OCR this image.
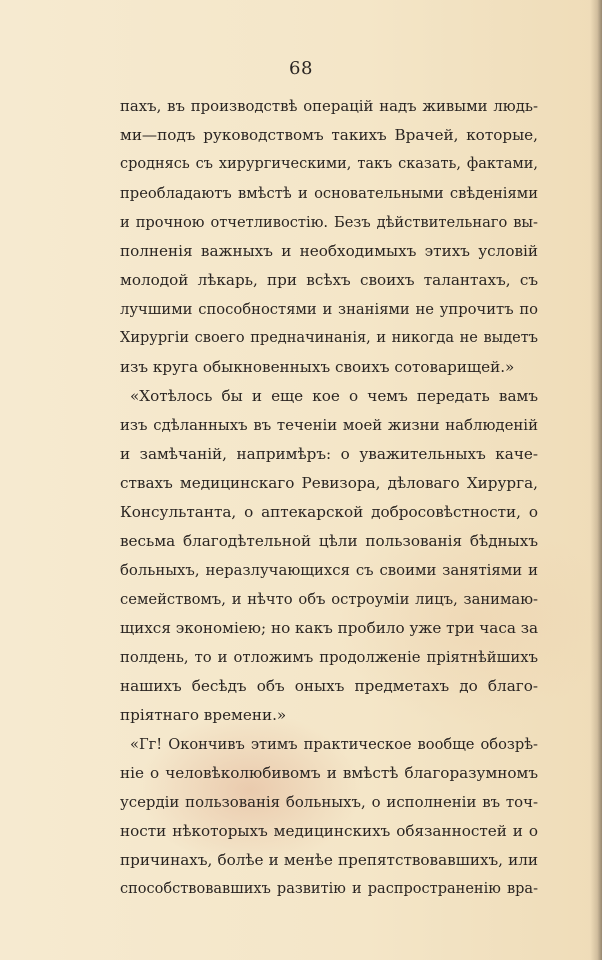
68
пахъ, въ производствѣ операцій надъ живыми людь-
ми—подъ руководствомъ такихъ Врачей, которые,
сроднясь съ хирургическими, такъ сказать, фактами,
преобладаютъ вмѣстѣ и основательными свѣденіями
и прочною отчетливостію. Безъ дѣйствительнаго вы-
полненія важныхъ и необходимыхъ этихъ условій
молодой лѣкарь, при всѣхъ своихъ талантахъ, съ
лучшими способностями и знаніями не упрочитъ по
Хирургіи своего предначинанія, и никогда не выдетъ
изъ круга обыкновенныхъ своихъ сотоварищей.»
«Хотѣлось бы и еще кое о чемъ передать вамъ
изъ сдѣланныхъ въ теченіи моей жизни наблюденій
и замѣчаній, напримѣръ: о уважительныхъ каче-
ствахъ медицинскаго Ревизора, дѣловаго Хирурга,
Консультанта, о аптекарской добросовѣстности, о
весьма благодѣтельной цѣли пользованія бѣдныхъ
больныхъ, неразлучающихся съ своими занятіями и
семействомъ, и нѣчто объ остроуміи лицъ, занимаю-
щихся экономіею; но какъ пробило уже три часа за
полдень, то и отложимъ продолженіе пріятнѣйшихъ
нашихъ бесѣдъ объ оныхъ предметахъ до благо-
пріятнаго времени.»
«Гг! Окончивъ этимъ практическое вообще обозрѣ-
ніе о человѣколюбивомъ и вмѣстѣ благоразумномъ
усердіи пользованія больныхъ, о исполненіи въ точ-
ности нѣкоторыхъ медицинскихъ обязанностей и о
причинахъ, болѣе и менѣе препятствовавшихъ, или
способствовавшихъ развитію и распространенію вра-
